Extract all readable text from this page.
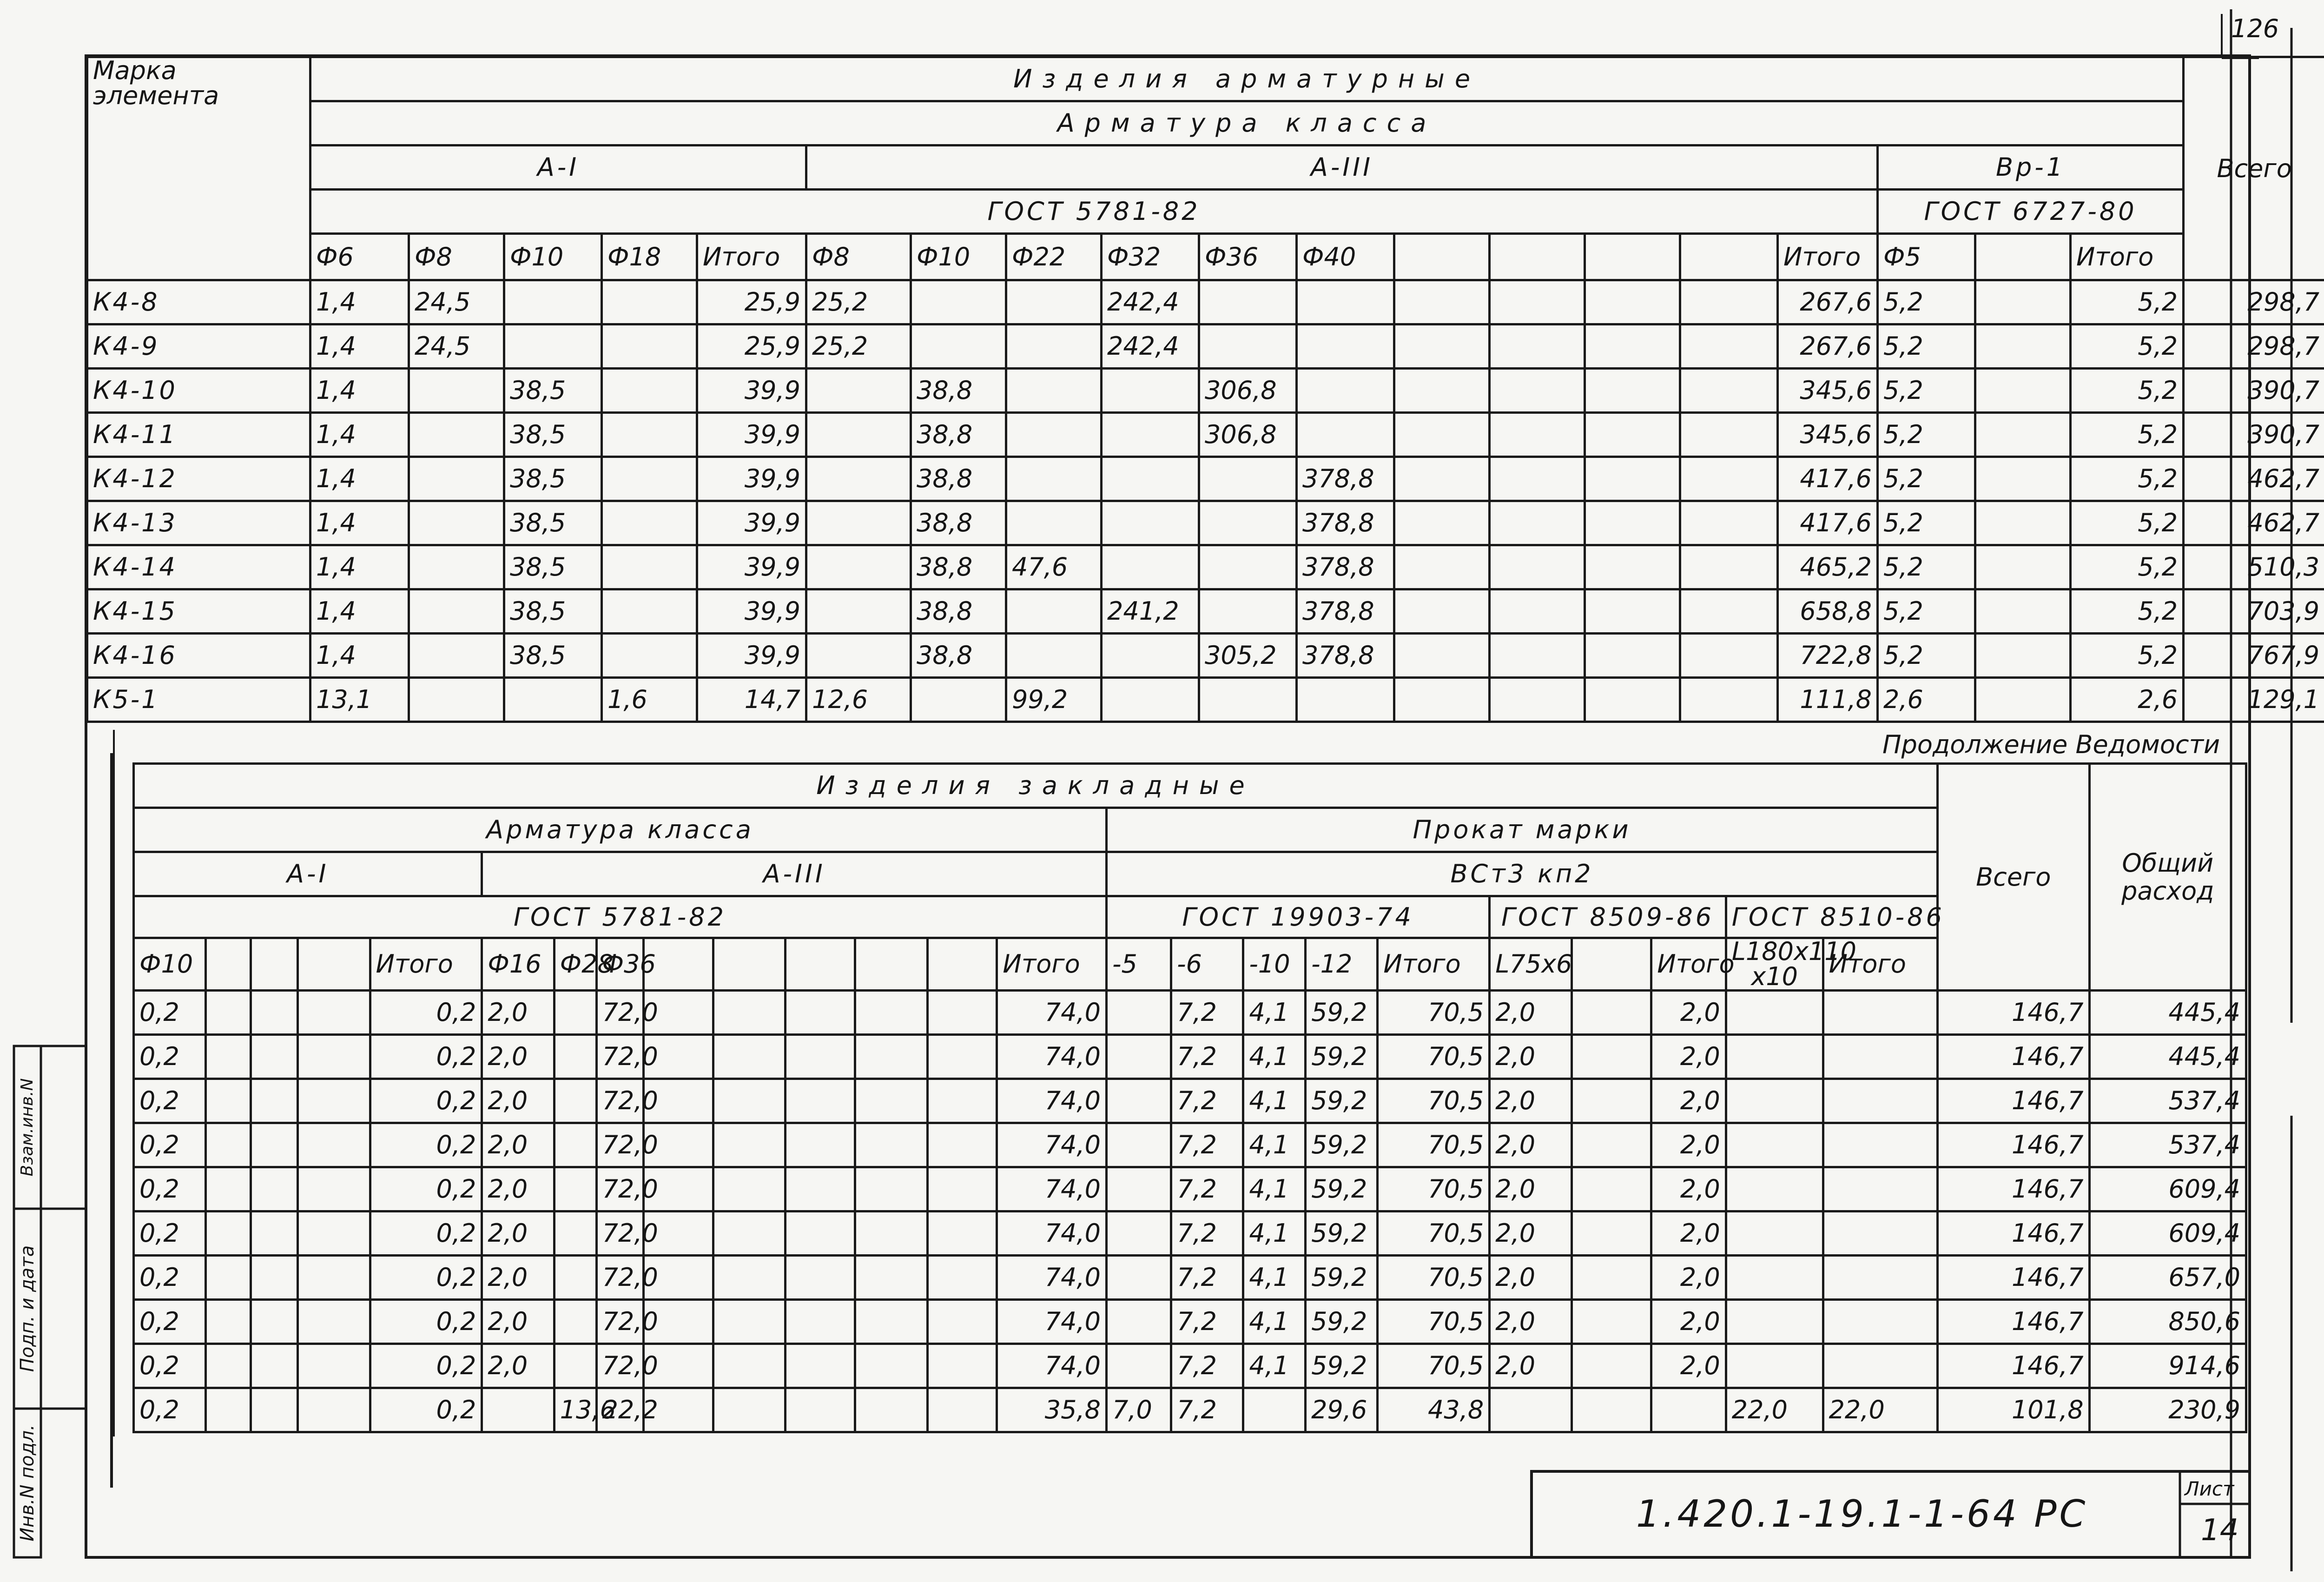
126
Марка элемента	Изделия арматурные																			Всего
	Арматура класса																			
	А-I					А-III											Вр-1			
	ГОСТ 5781-82																ГОСТ 6727-80			
	Ф6	Ф8	Ф10	Ф18	Итого	Ф8	Ф10	Ф22	Ф32	Ф36	Ф40					Итого	Ф5		Итого	
К4-8	1,4	24,5			25,9	25,2			242,4							267,6	5,2		5,2	298,7
К4-9	1,4	24,5			25,9	25,2			242,4							267,6	5,2		5,2	298,7
К4-10	1,4		38,5		39,9		38,8			306,8						345,6	5,2		5,2	390,7
К4-11	1,4		38,5		39,9		38,8			306,8						345,6	5,2		5,2	390,7
К4-12	1,4		38,5		39,9		38,8				378,8					417,6	5,2		5,2	462,7
К4-13	1,4		38,5		39,9		38,8				378,8					417,6	5,2		5,2	462,7
К4-14	1,4		38,5		39,9		38,8	47,6			378,8					465,2	5,2		5,2	510,3
К4-15	1,4		38,5		39,9		38,8		241,2		378,8					658,8	5,2		5,2	703,9
К4-16	1,4		38,5		39,9		38,8			305,2	378,8					722,8	5,2		5,2	767,9
К5-1	13,1			1,6	14,7	12,6		99,2								111,8	2,6		2,6	129,1
Продолжение Ведомости
Изделия закладные																								Всего	Общий расход
Арматура класса														Прокат марки											
А-I					А-III									ВСт3 кп2											
ГОСТ 5781-82														ГОСТ 19903-74					ГОСТ 8509-86			ГОСТ 8510-86			
Ф10				Итого	Ф16	Ф28	Ф36						Итого	-5	-6	-10	-12	Итого	L75x6		Итого	L180x110 x10	Итого		
0,2				0,2	2,0		72,0						74,0		7,2	4,1	59,2	70,5	2,0		2,0			146,7	445,4
0,2				0,2	2,0		72,0						74,0		7,2	4,1	59,2	70,5	2,0		2,0			146,7	445,4
0,2				0,2	2,0		72,0						74,0		7,2	4,1	59,2	70,5	2,0		2,0			146,7	537,4
0,2				0,2	2,0		72,0						74,0		7,2	4,1	59,2	70,5	2,0		2,0			146,7	537,4
0,2				0,2	2,0		72,0						74,0		7,2	4,1	59,2	70,5	2,0		2,0			146,7	609,4
0,2				0,2	2,0		72,0						74,0		7,2	4,1	59,2	70,5	2,0		2,0			146,7	609,4
0,2				0,2	2,0		72,0						74,0		7,2	4,1	59,2	70,5	2,0		2,0			146,7	657,0
0,2				0,2	2,0		72,0						74,0		7,2	4,1	59,2	70,5	2,0		2,0			146,7	850,6
0,2				0,2	2,0		72,0						74,0		7,2	4,1	59,2	70,5	2,0		2,0			146,7	914,6
0,2				0,2		13,6	22,2						35,8	7,0	7,2		29,6	43,8				22,0	22,0	101,8	230,9
Инв.N подл.
Подп. и дата
Взам.инв.N
1.420.1-19.1-1-64 РС
Лист
14
